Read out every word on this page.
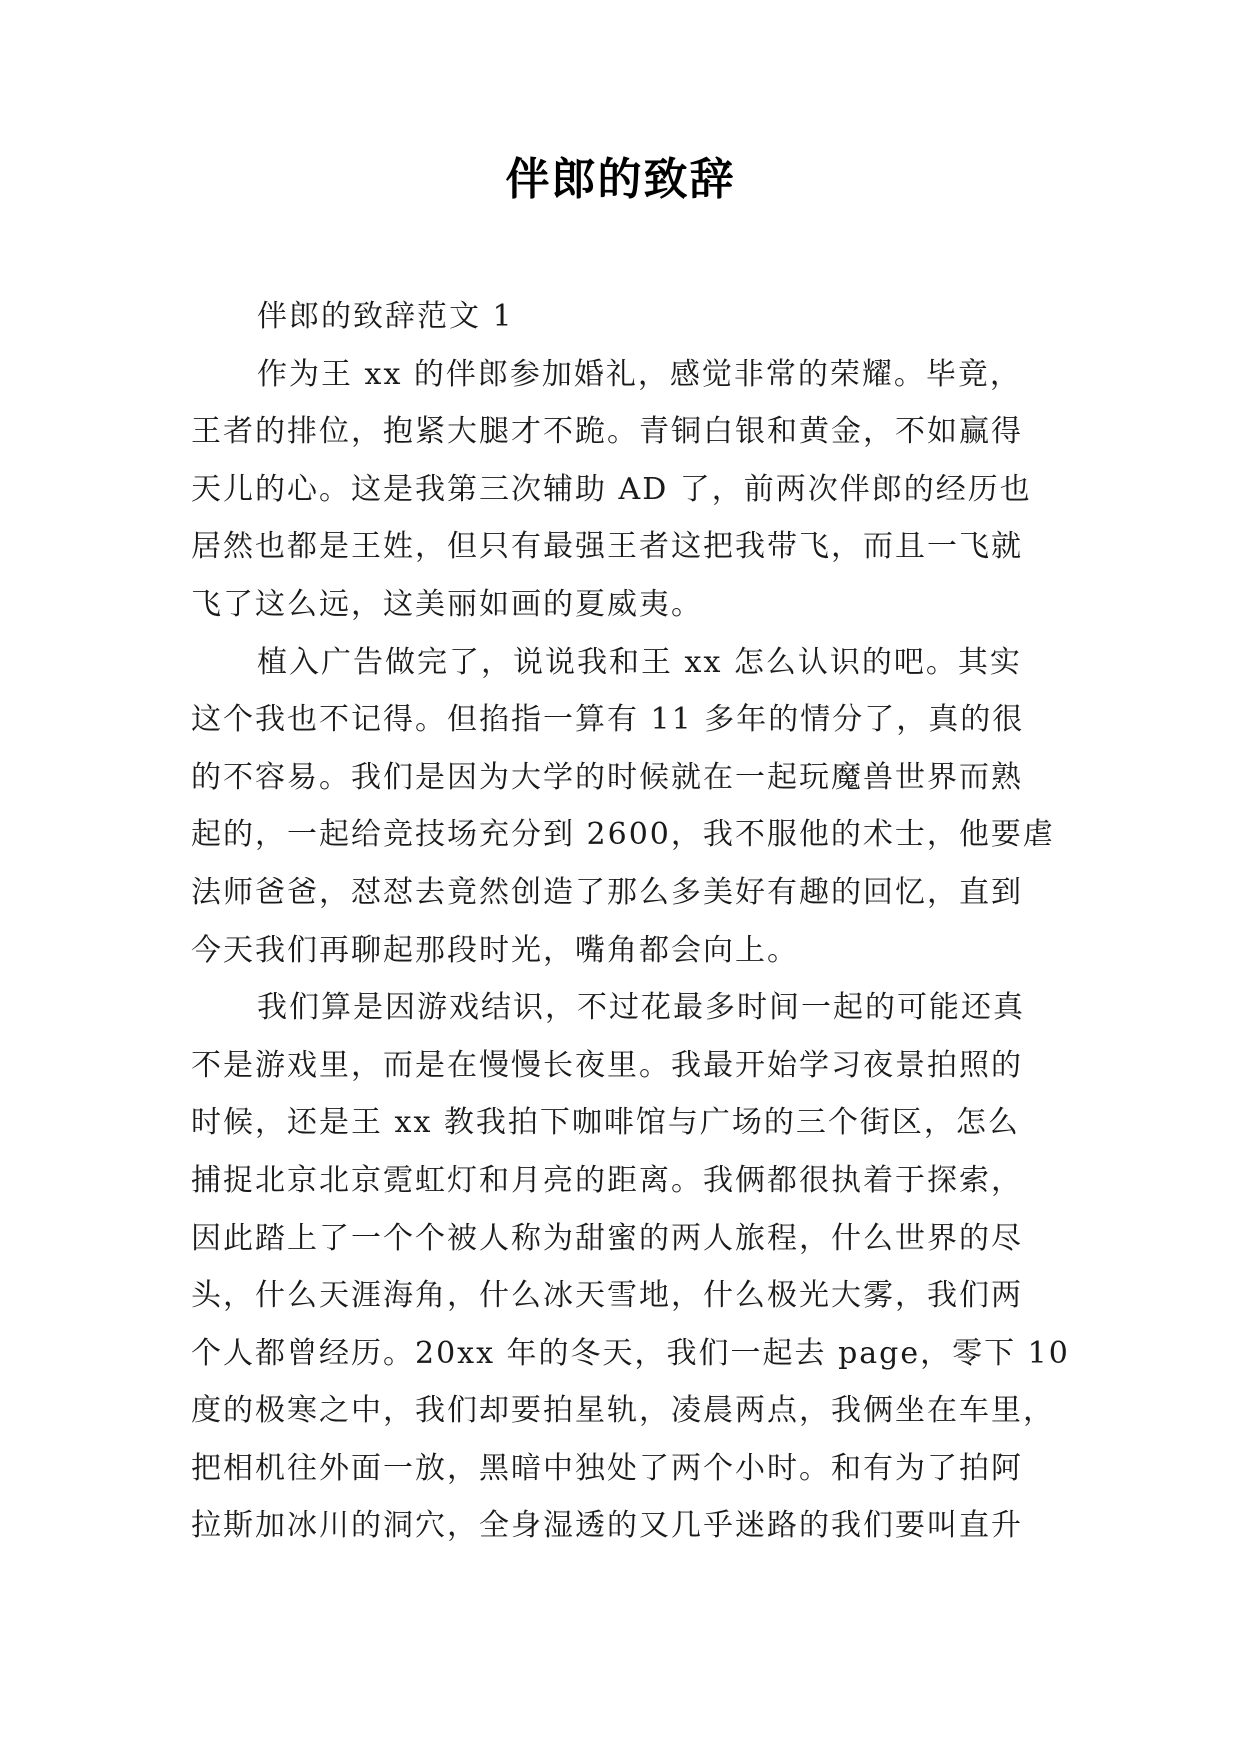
伴郎的致辞
伴郎的致辞范文 1
作为王 xx 的伴郎参加婚礼，感觉非常的荣耀。毕竟，
王者的排位，抱紧大腿才不跪。青铜白银和黄金，不如赢得
天儿的心。这是我第三次辅助 AD 了，前两次伴郎的经历也
居然也都是王姓，但只有最强王者这把我带飞，而且一飞就
飞了这么远，这美丽如画的夏威夷。
植入广告做完了，说说我和王 xx 怎么认识的吧。其实
这个我也不记得。但掐指一算有 11 多年的情分了，真的很
的不容易。我们是因为大学的时候就在一起玩魔兽世界而熟
起的，一起给竞技场充分到 2600，我不服他的术士，他要虐
法师爸爸，怼怼去竟然创造了那么多美好有趣的回忆，直到
今天我们再聊起那段时光，嘴角都会向上。
我们算是因游戏结识，不过花最多时间一起的可能还真
不是游戏里，而是在慢慢长夜里。我最开始学习夜景拍照的
时候，还是王 xx 教我拍下咖啡馆与广场的三个街区，怎么
捕捉北京北京霓虹灯和月亮的距离。我俩都很执着于探索，
因此踏上了一个个被人称为甜蜜的两人旅程，什么世界的尽
头，什么天涯海角，什么冰天雪地，什么极光大雾，我们两
个人都曾经历。20xx 年的冬天，我们一起去 page，零下 10
度的极寒之中，我们却要拍星轨，凌晨两点，我俩坐在车里，
把相机往外面一放，黑暗中独处了两个小时。和有为了拍阿
拉斯加冰川的洞穴，全身湿透的又几乎迷路的我们要叫直升
